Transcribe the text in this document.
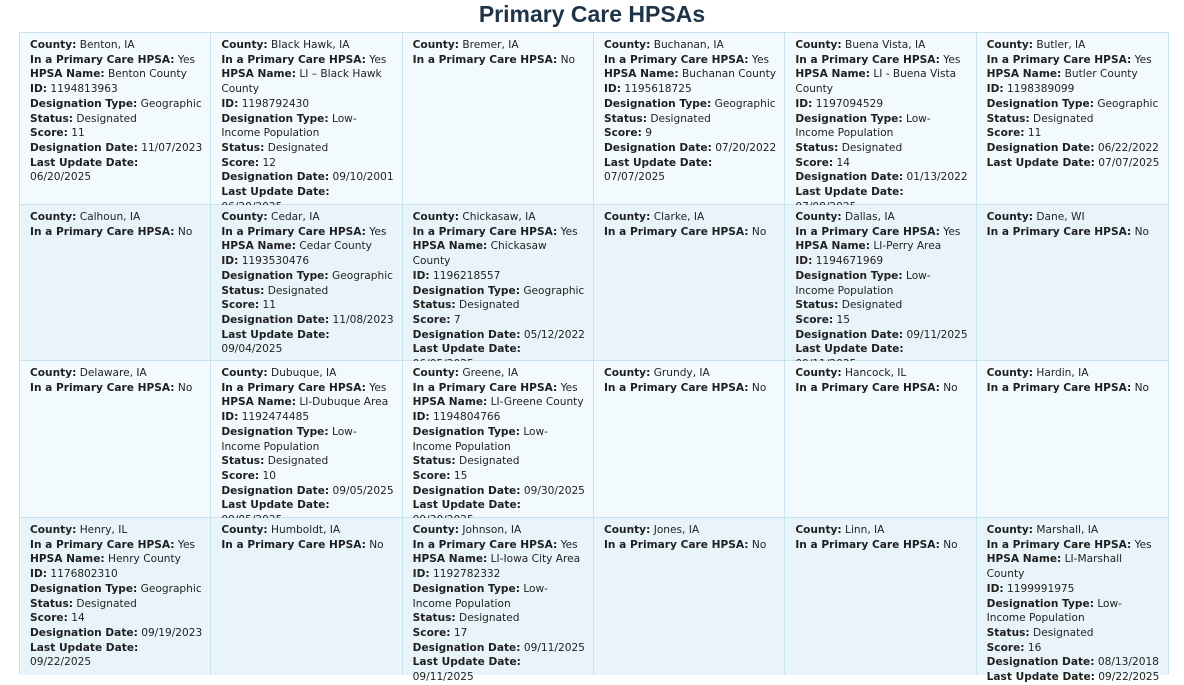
Primary Care HPSAs
County: Benton, IA
In a Primary Care HPSA: Yes
HPSA Name: Benton County
ID: 1194813963
Designation Type: Geographic
Status: Designated
Score: 11
Designation Date: 11/07/2023
Last Update Date: 06/20/2025
County: Black Hawk, IA
In a Primary Care HPSA: Yes
HPSA Name: LI – Black Hawk County
ID: 1198792430
Designation Type: Low-Income Population
Status: Designated
Score: 12
Designation Date: 09/10/2001
Last Update Date:
County: Bremer, IA
In a Primary Care HPSA: No
County: Buchanan, IA
In a Primary Care HPSA: Yes
HPSA Name: Buchanan County
ID: 1195618725
Designation Type: Geographic
Status: Designated
Score: 9
Designation Date: 07/20/2022
Last Update Date: 07/07/2025
County: Buena Vista, IA
In a Primary Care HPSA: Yes
HPSA Name: LI - Buena Vista County
ID: 1197094529
Designation Type: Low-Income Population
Status: Designated
Score: 14
Designation Date: 01/13/2022
Last Update Date:
County: Butler, IA
In a Primary Care HPSA: Yes
HPSA Name: Butler County
ID: 1198389099
Designation Type: Geographic
Status: Designated
Score: 11
Designation Date: 06/22/2022
Last Update Date: 07/07/2025
County: Calhoun, IA
In a Primary Care HPSA: No
County: Cedar, IA
In a Primary Care HPSA: Yes
HPSA Name: Cedar County
ID: 1193530476
Designation Type: Geographic
Status: Designated
Score: 11
Designation Date: 11/08/2023
Last Update Date: 09/04/2025
County: Chickasaw, IA
In a Primary Care HPSA: Yes
HPSA Name: Chickasaw County
ID: 1196218557
Designation Type: Geographic
Status: Designated
Score: 7
Designation Date: 05/12/2022
Last Update Date:
County: Clarke, IA
In a Primary Care HPSA: No
County: Dallas, IA
In a Primary Care HPSA: Yes
HPSA Name: LI-Perry Area
ID: 1194671969
Designation Type: Low-Income Population
Status: Designated
Score: 15
Designation Date: 09/11/2025
Last Update Date:
County: Dane, WI
In a Primary Care HPSA: No
County: Delaware, IA
In a Primary Care HPSA: No
County: Dubuque, IA
In a Primary Care HPSA: Yes
HPSA Name: LI-Dubuque Area
ID: 1192474485
Designation Type: Low-Income Population
Status: Designated
Score: 10
Designation Date: 09/05/2025
Last Update Date:
County: Greene, IA
In a Primary Care HPSA: Yes
HPSA Name: LI-Greene County
ID: 1194804766
Designation Type: Low-Income Population
Status: Designated
Score: 15
Designation Date: 09/30/2025
Last Update Date:
County: Grundy, IA
In a Primary Care HPSA: No
County: Hancock, IL
In a Primary Care HPSA: No
County: Hardin, IA
In a Primary Care HPSA: No
County: Henry, IL
In a Primary Care HPSA: Yes
HPSA Name: Henry County
ID: 1176802310
Designation Type: Geographic
Status: Designated
Score: 14
Designation Date: 09/19/2023
Last Update Date: 09/22/2025
County: Humboldt, IA
In a Primary Care HPSA: No
County: Johnson, IA
In a Primary Care HPSA: Yes
HPSA Name: LI-Iowa City Area
ID: 1192782332
Designation Type: Low-Income Population
Status: Designated
Score: 17
Designation Date: 09/11/2025
Last Update Date: 09/11/2025
County: Jones, IA
In a Primary Care HPSA: No
County: Linn, IA
In a Primary Care HPSA: No
County: Marshall, IA
In a Primary Care HPSA: Yes
HPSA Name: LI-Marshall County
ID: 1199991975
Designation Type: Low-Income Population
Status: Designated
Score: 16
Designation Date: 08/13/2018
Last Update Date: 09/22/2025
